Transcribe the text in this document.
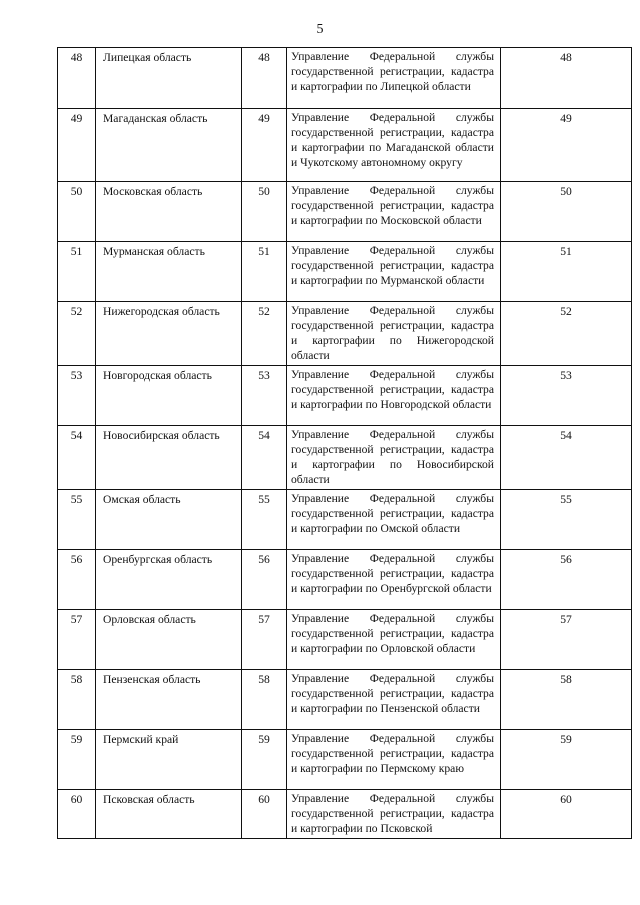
5
48	Липецкая область	48	Управление Федеральной службы государственной регистрации, кадастра и картографии по Липецкой области	48
49	Магаданская область	49	Управление Федеральной службы государственной регистрации, кадастра и картографии по Магаданской области и Чукотскому автономному округу	49
50	Московская область	50	Управление Федеральной службы государственной регистрации, кадастра и картографии по Московской области	50
51	Мурманская область	51	Управление Федеральной службы государственной регистрации, кадастра и картографии по Мурманской области	51
52	Нижегородская область	52	Управление Федеральной службы государственной регистрации, кадастра и картографии по Нижегородской области	52
53	Новгородская область	53	Управление Федеральной службы государственной регистрации, кадастра и картографии по Новгородской области	53
54	Новосибирская область	54	Управление Федеральной службы государственной регистрации, кадастра и картографии по Новосибирской области	54
55	Омская область	55	Управление Федеральной службы государственной регистрации, кадастра и картографии по Омской области	55
56	Оренбургская область	56	Управление Федеральной службы государственной регистрации, кадастра и картографии по Оренбургской области	56
57	Орловская область	57	Управление Федеральной службы государственной регистрации, кадастра и картографии по Орловской области	57
58	Пензенская область	58	Управление Федеральной службы государственной регистрации, кадастра и картографии по Пензенской области	58
59	Пермский край	59	Управление Федеральной службы государственной регистрации, кадастра и картографии по Пермскому краю	59
60	Псковская область	60	Управление Федеральной службы государственной регистрации, кадастра и картографии по Псковской	60
